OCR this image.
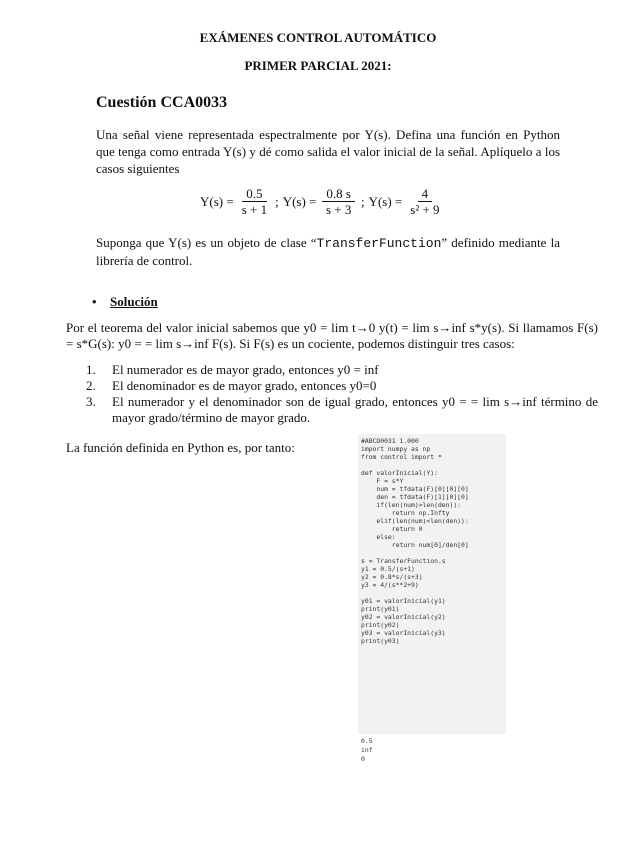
EXÁMENES CONTROL AUTOMÁTICO
PRIMER PARCIAL 2021:
Cuestión CCA0033
Una señal viene representada espectralmente por Y(s). Defina una función en Python que tenga como entrada Y(s) y dé como salida el valor inicial de la señal. Aplíquelo a los casos siguientes
$Y(s) = \frac{0.5}{s + 1}$ ; $Y(s) = \frac{0.8 s}{s + 3}$ ; $Y(s) = \frac{4}{\text{s² + 9}}$
Suponga que Y(s) es un objeto de clase “TransferFunction” definido mediante la librería de control.
• Solución
Por el teorema del valor inicial sabemos que y0 = lim t→0 y(t) = lim s→inf s*y(s). Si llamamos F(s) = s*G(s): y0 = = lim s→inf F(s). Si F(s) es un cociente, podemos distinguir tres casos:
1.	El numerador es de mayor grado, entonces y0 = inf
2.	El denominador es de mayor grado, entonces y0=0
3.	El numerador y el denominador son de igual grado, entonces y0 = = lim s→inf término de mayor grado/término de mayor grado.
La función definida en Python es, por tanto:	#ABCD0031 1.000
import numpy as np
from control import *

def valorInicial(Y):
F = s*Y
num = tfdata(F)[0][0][0]
den = tfdata(F)[1][0][0]
if(len(num)>len(den)):
return np.Infty
elif(len(num)<len(den)):
return 0
else:
return num[0]/den[0]

s = TransferFunction.s
y1 = 0.5/(s+1)
y2 = 0.8*s/(s+3)
y3 = 4/(s**2+9)

y01 = valorInicial(y1)
print(y01)
y02 = valorInicial(y2)
print(y02)
y03 = valorInicial(y3)
print(y03)
0.5
inf
0
